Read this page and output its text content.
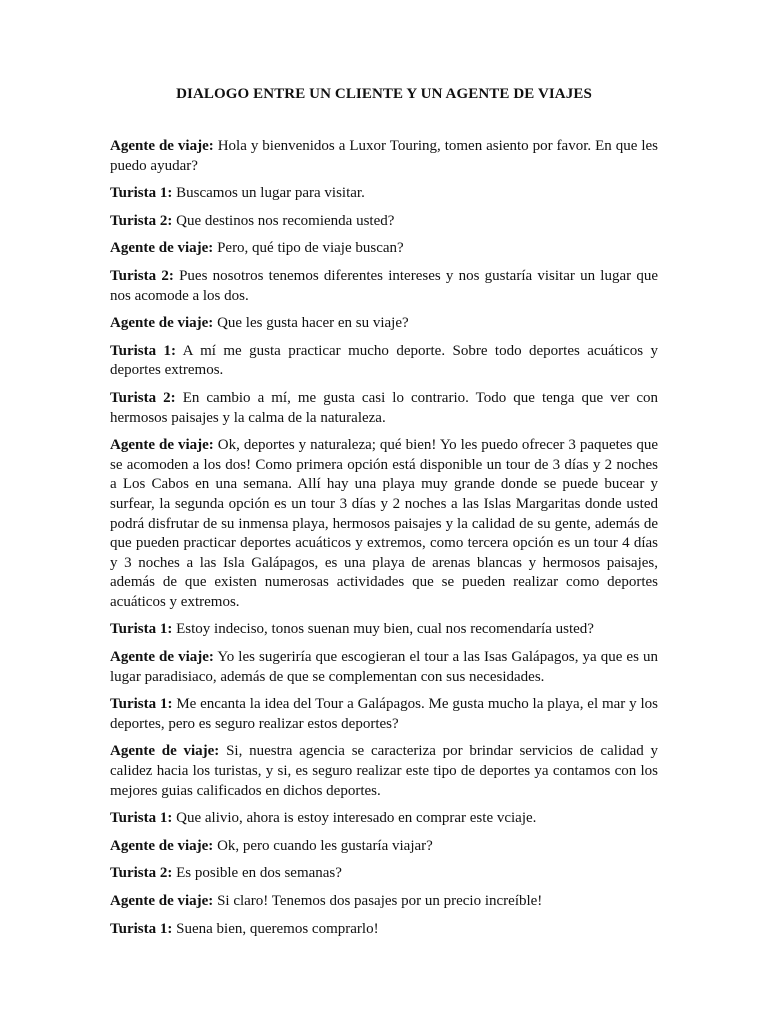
DIALOGO ENTRE UN CLIENTE Y UN AGENTE DE VIAJES

Agente de viaje: Hola y bienvenidos a Luxor Touring, tomen asiento por favor. En que les puedo ayudar?

Turista 1: Buscamos un lugar para visitar.

Turista 2: Que destinos nos recomienda usted?

Agente de viaje: Pero, qué tipo de viaje buscan?

Turista 2: Pues nosotros tenemos diferentes intereses y nos gustaría visitar un lugar que nos acomode a los dos.

Agente de viaje: Que les gusta hacer en su viaje?

Turista 1: A mí me gusta practicar mucho deporte. Sobre todo deportes acuáticos y deportes extremos.

Turista 2: En cambio a mí, me gusta casi lo contrario. Todo que tenga que ver con hermosos paisajes y la calma de la naturaleza.

Agente de viaje: Ok, deportes y naturaleza; qué bien! Yo les puedo ofrecer 3 paquetes que se acomoden a los dos! Como primera opción está disponible un tour de 3 días y 2 noches a Los Cabos en una semana. Allí hay una playa muy grande donde se puede bucear y surfear, la segunda opción es un tour 3 días y 2 noches a las Islas Margaritas donde usted podrá disfrutar de su inmensa playa, hermosos paisajes y la calidad de su gente, además de que pueden practicar deportes acuáticos y extremos, como tercera opción es un tour 4 días y 3 noches a las Isla Galápagos, es una playa de arenas blancas y hermosos paisajes, además de que existen numerosas actividades que se pueden realizar como deportes acuáticos y extremos.

Turista 1: Estoy indeciso, tonos suenan muy bien, cual nos recomendaría usted?

Agente de viaje: Yo les sugeriría que escogieran el tour a las Isas Galápagos, ya que es un lugar paradisiaco, además de que se complementan con sus necesidades.

Turista 1: Me encanta la idea del Tour a Galápagos. Me gusta mucho la playa, el mar y los deportes, pero es seguro realizar estos deportes?

Agente de viaje: Si, nuestra agencia se caracteriza por brindar servicios de calidad y calidez hacia los turistas, y si, es seguro realizar este tipo de deportes ya contamos con los mejores guias calificados en dichos deportes.

Turista 1: Que alivio, ahora is estoy interesado en comprar este vciaje.

Agente de viaje: Ok, pero cuando les gustaría viajar?

Turista 2: Es posible en dos semanas?

Agente de viaje: Si claro! Tenemos dos pasajes por un precio increíble!

Turista 1: Suena bien, queremos comprarlo!
